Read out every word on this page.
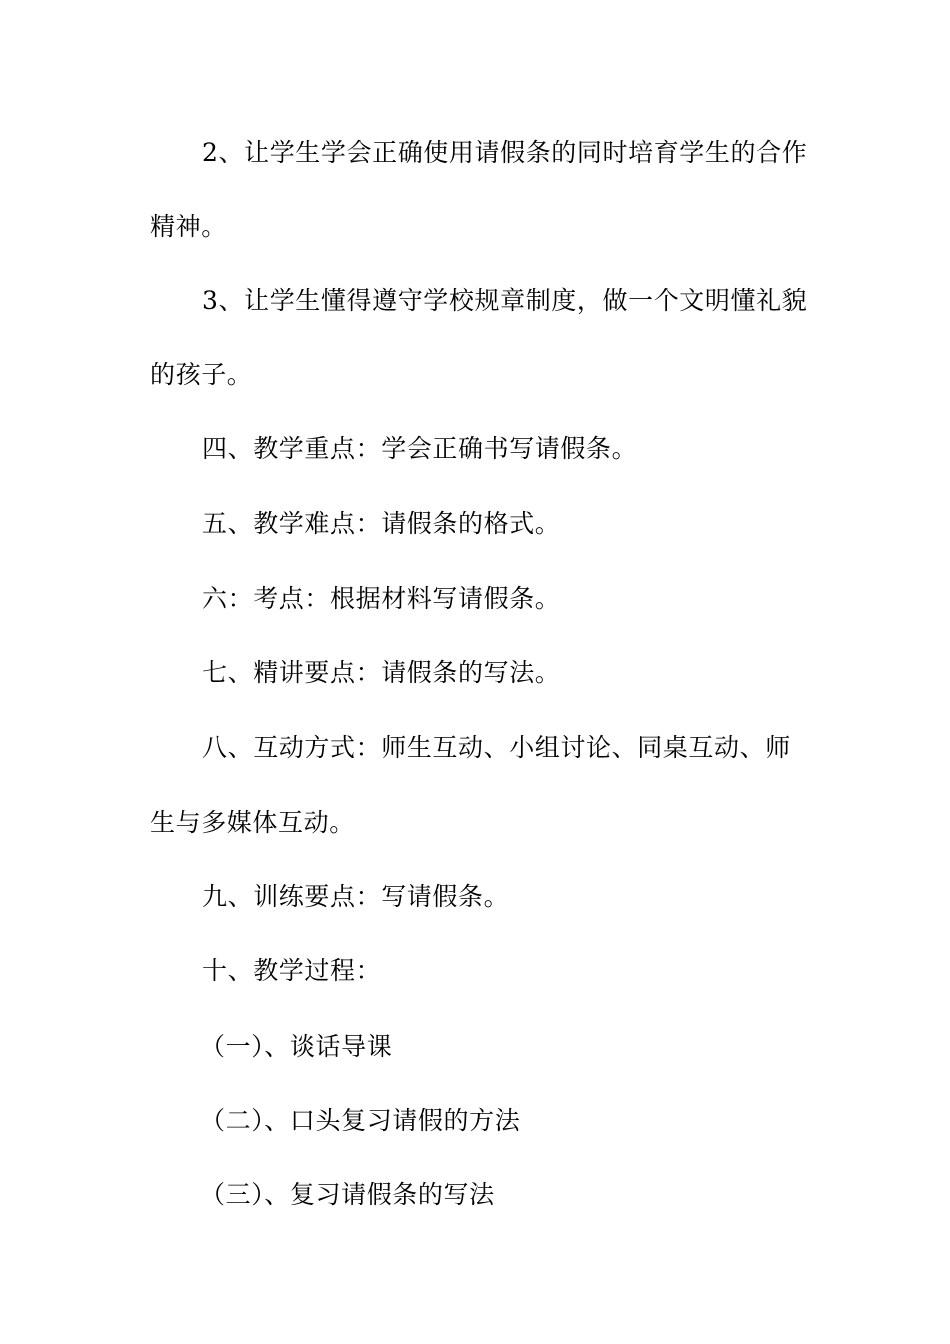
2、让学生学会正确使用请假条的同时培育学生的合作
精神。
3、让学生懂得遵守学校规章制度，做一个文明懂礼貌
的孩子。
四、教学重点：学会正确书写请假条。
五、教学难点：请假条的格式。
六：考点：根据材料写请假条。
七、精讲要点：请假条的写法。
八、互动方式：师生互动、小组讨论、同桌互动、师
生与多媒体互动。
九、训练要点：写请假条。
十、教学过程：
（一）、谈话导课
（二）、口头复习请假的方法
（三）、复习请假条的写法
